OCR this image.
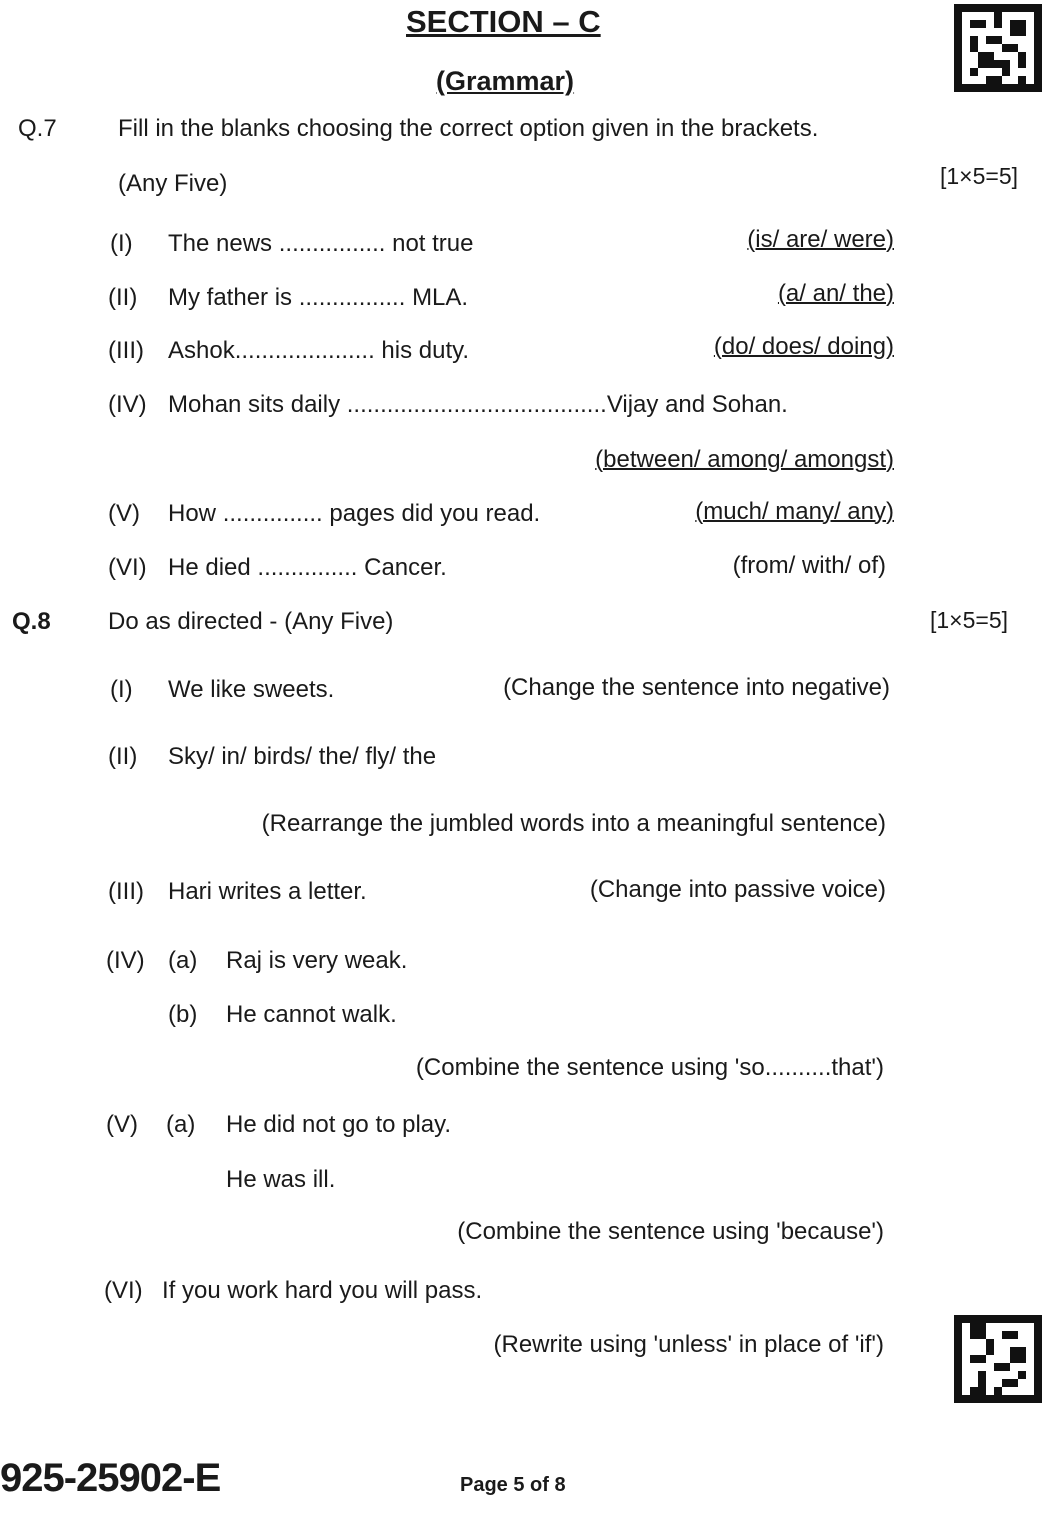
SECTION – C
(Grammar)
Q.7	Fill in the blanks choosing the correct option given in the brackets.
(Any Five)	[1×5=5]
(I) The news ................ not true	(is/ are/ were)
(II) My father is ................ MLA.	(a/ an/ the)
(III) Ashok..................... his duty.	(do/ does/ doing)
(IV) Mohan sits daily .......................................Vijay and Sohan.
(between/ among/ amongst)
(V) How ............... pages did you read.	(much/ many/ any)
(VI) He died ............... Cancer.	(from/ with/ of)
Q.8 Do as directed - (Any Five)	[1×5=5]
(I) We like sweets.	(Change the sentence into negative)
(II) Sky/ in/ birds/ the/ fly/ the
(Rearrange the jumbled words into a meaningful sentence)
(III) Hari writes a letter.	(Change into passive voice)
(IV) (a) Raj is very weak.
(b) He cannot walk.
(Combine the sentence using 'so..........that')
(V) (a) He did not go to play.
He was ill.
(Combine the sentence using 'because')
(VI) If you work hard you will pass.
(Rewrite using 'unless' in place of 'if')
925-25902-E	Page 5 of 8
